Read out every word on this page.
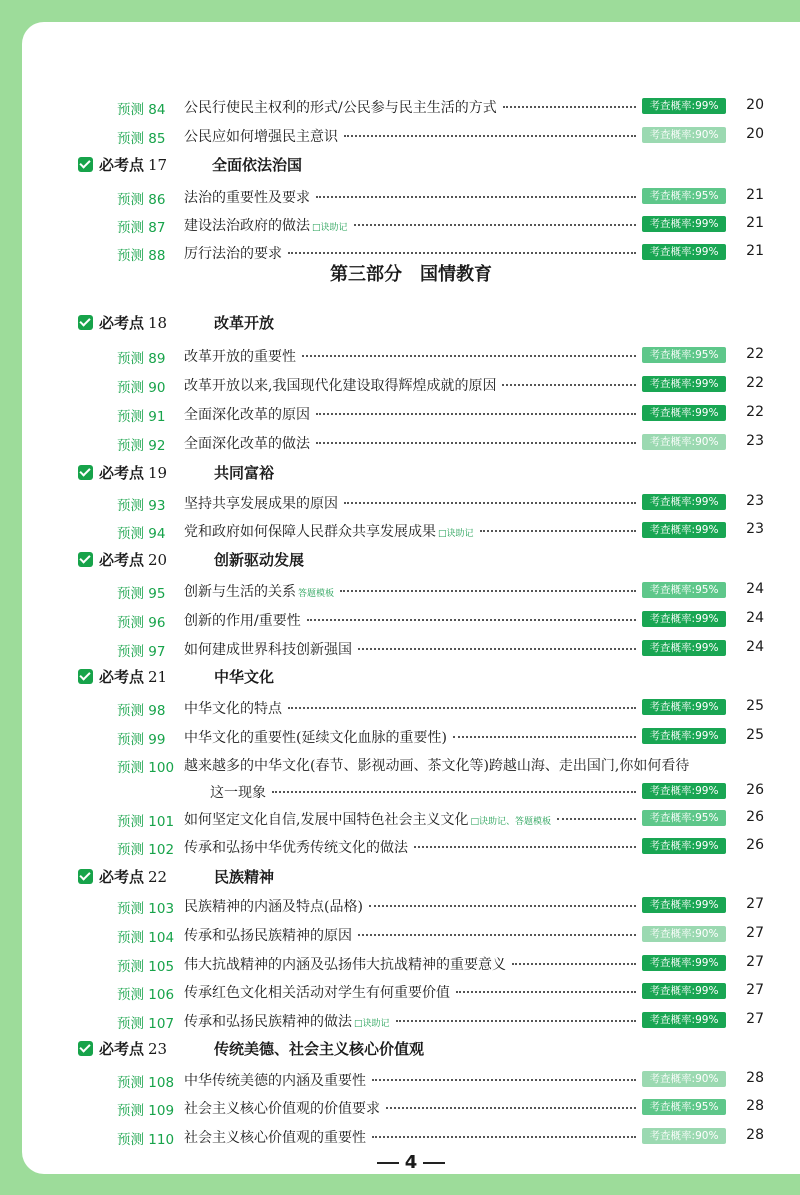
必考点 17	全面依法治国
必考点 18	改革开放
必考点 19	共同富裕
必考点 20	创新驱动发展
必考点 21	中华文化
必考点 22	民族精神
必考点 23	传统美德、社会主义核心价值观
预测 84 公民行使民主权利的形式/公民参与民主生活的方式	考查概率:99%	20
预测 85 公民应如何增强民主意识	考查概率:90%	20
预测 86 法治的重要性及要求	考查概率:95%	21
预测 87 建设法治政府的做法 □诀助记	考查概率:99%	21
预测 88 厉行法治的要求	考查概率:99%	21
预测 89 改革开放的重要性	考查概率:95%	22
预测 90 改革开放以来,我国现代化建设取得辉煌成就的原因	考查概率:99%	22
预测 91 全面深化改革的原因	考查概率:99%	22
预测 92 全面深化改革的做法	考查概率:90%	23
预测 93 坚持共享发展成果的原因	考查概率:99%	23
预测 94 党和政府如何保障人民群众共享发展成果 □诀助记	考查概率:99%	23
预测 95 创新与生活的关系 答题模板	考查概率:95%	24
预测 96 创新的作用/重要性	考查概率:99%	24
预测 97 如何建成世界科技创新强国	考查概率:99%	24
预测 98 中华文化的特点	考查概率:99%	25
预测 99 中华文化的重要性(延续文化血脉的重要性)	考查概率:99%	25
预测 100 越来越多的中华文化(春节、影视动画、茶文化等)跨越山海、走出国门,你如何看待
这一现象	考查概率:99%	26
预测 101 如何坚定文化自信,发展中国特色社会主义文化 □诀助记、答题模板	考查概率:95%	26
预测 102 传承和弘扬中华优秀传统文化的做法	考查概率:99%	26
预测 103 民族精神的内涵及特点(品格)	考查概率:99%	27
预测 104 传承和弘扬民族精神的原因	考查概率:90%	27
预测 105 伟大抗战精神的内涵及弘扬伟大抗战精神的重要意义	考查概率:99%	27
预测 106 传承红色文化相关活动对学生有何重要价值	考查概率:99%	27
预测 107 传承和弘扬民族精神的做法 □诀助记	考查概率:99%	27
预测 108 中华传统美德的内涵及重要性	考查概率:90%	28
预测 109 社会主义核心价值观的价值要求	考查概率:95%	28
预测 110 社会主义核心价值观的重要性	考查概率:90%	28
第三部分　国情教育
4
